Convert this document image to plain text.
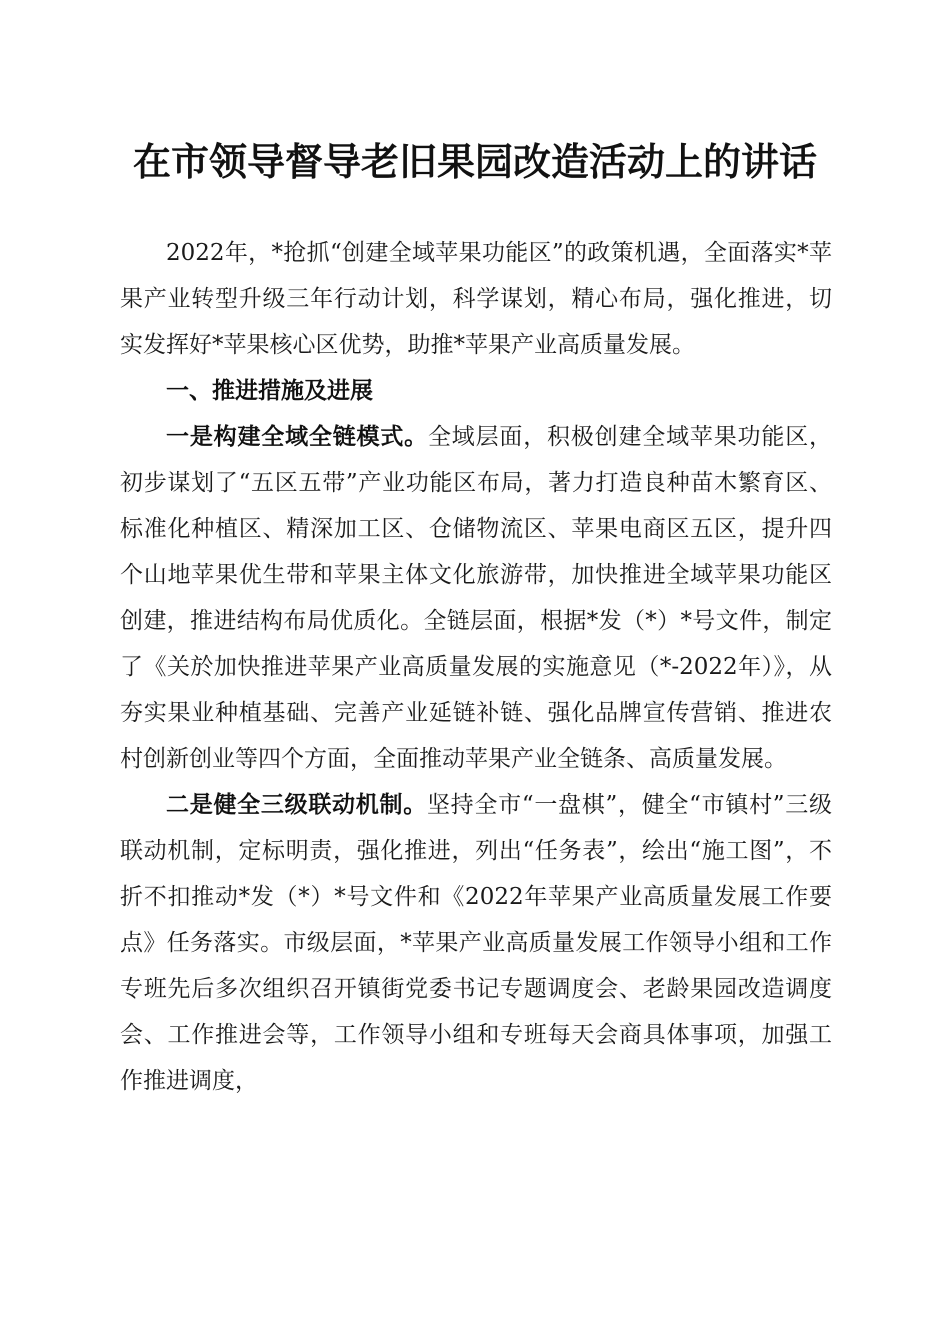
在市领导督导老旧果园改造活动上的讲话

2022年，*抢抓“创建全域苹果功能区”的政策机遇，全面落实*苹果产业转型升级三年行动计划，科学谋划，精心布局，强化推进，切实发挥好*苹果核心区优势，助推*苹果产业高质量发展。

一、推进措施及进展

一是构建全域全链模式。全域层面，积极创建全域苹果功能区，初步谋划了“五区五带”产业功能区布局，著力打造良种苗木繁育区、标准化种植区、精深加工区、仓储物流区、苹果电商区五区，提升四个山地苹果优生带和苹果主体文化旅游带，加快推进全域苹果功能区创建，推进结构布局优质化。全链层面，根据*发（*）*号文件，制定了《关於加快推进苹果产业高质量发展的实施意见（*-2022年）》，从夯实果业种植基础、完善产业延链补链、强化品牌宣传营销、推进农村创新创业等四个方面，全面推动苹果产业全链条、高质量发展。

二是健全三级联动机制。坚持全市“一盘棋”，健全“市镇村”三级联动机制，定标明责，强化推进，列出“任务表”，绘出“施工图”，不折不扣推动*发（*）*号文件和《2022年苹果产业高质量发展工作要点》任务落实。市级层面，*苹果产业高质量发展工作领导小组和工作专班先后多次组织召开镇街党委书记专题调度会、老龄果园改造调度会、工作推进会等，工作领导小组和专班每天会商具体事项，加强工作推进调度，
